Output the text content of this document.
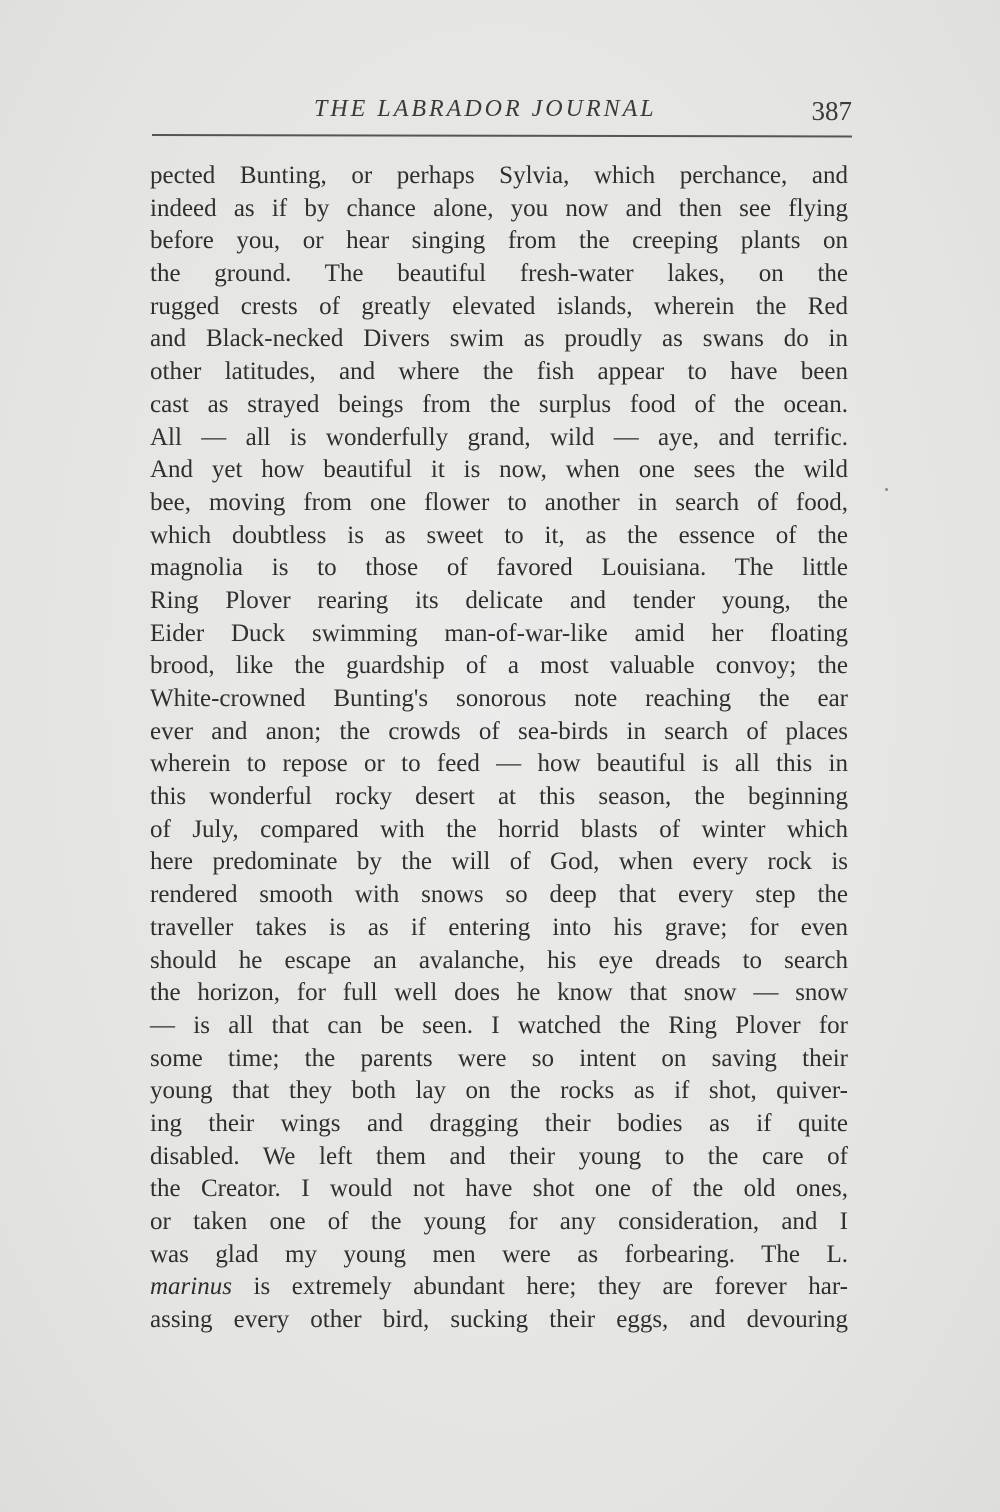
THE LABRADOR JOURNAL	387
pected Bunting, or perhaps Sylvia, which perchance, and
indeed as if by chance alone, you now and then see flying
before you, or hear singing from the creeping plants on
the ground. The beautiful fresh-water lakes, on the
rugged crests of greatly elevated islands, wherein the Red
and Black-necked Divers swim as proudly as swans do in
other latitudes, and where the fish appear to have been
cast as strayed beings from the surplus food of the ocean.
All — all is wonderfully grand, wild — aye, and terrific.
And yet how beautiful it is now, when one sees the wild
bee, moving from one flower to another in search of food,
which doubtless is as sweet to it, as the essence of the
magnolia is to those of favored Louisiana. The little
Ring Plover rearing its delicate and tender young, the
Eider Duck swimming man-of-war-like amid her floating
brood, like the guardship of a most valuable convoy; the
White-crowned Bunting's sonorous note reaching the ear
ever and anon; the crowds of sea-birds in search of places
wherein to repose or to feed — how beautiful is all this in
this wonderful rocky desert at this season, the beginning
of July, compared with the horrid blasts of winter which
here predominate by the will of God, when every rock is
rendered smooth with snows so deep that every step the
traveller takes is as if entering into his grave; for even
should he escape an avalanche, his eye dreads to search
the horizon, for full well does he know that snow — snow
— is all that can be seen. I watched the Ring Plover for
some time; the parents were so intent on saving their
young that they both lay on the rocks as if shot, quiver-
ing their wings and dragging their bodies as if quite
disabled. We left them and their young to the care of
the Creator. I would not have shot one of the old ones,
or taken one of the young for any consideration, and I
was glad my young men were as forbearing. The L.
marinus is extremely abundant here; they are forever har-
assing every other bird, sucking their eggs, and devouring
